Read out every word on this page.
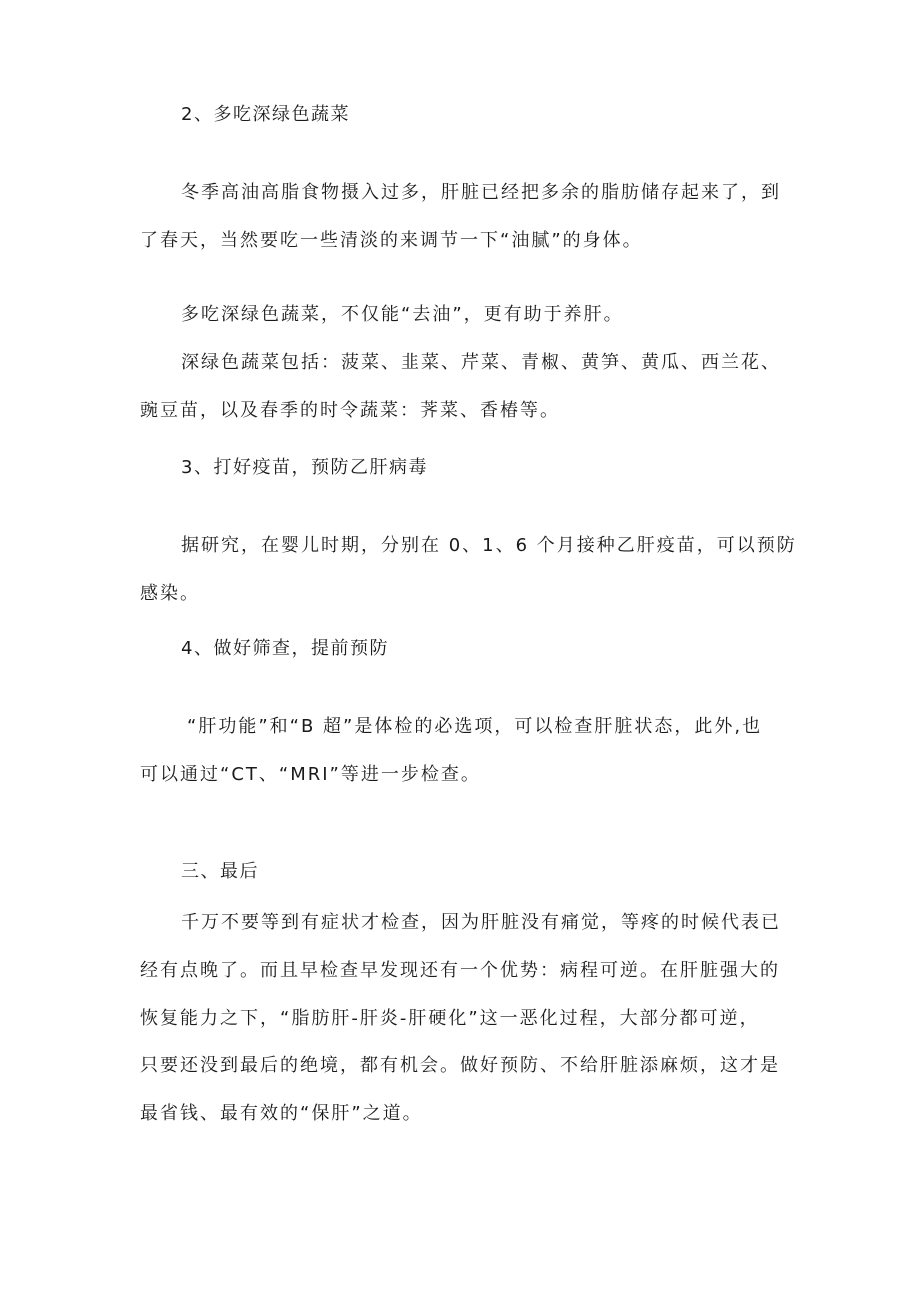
2、多吃深绿色蔬菜
冬季高油高脂食物摄入过多，肝脏已经把多余的脂肪储存起来了，到
了春天，当然要吃一些清淡的来调节一下“油腻”的身体。
多吃深绿色蔬菜，不仅能“去油”，更有助于养肝。
深绿色蔬菜包括：菠菜、韭菜、芹菜、青椒、黄笋、黄瓜、西兰花、
豌豆苗，以及春季的时令蔬菜：荠菜、香椿等。
3、打好疫苗，预防乙肝病毒
据研究，在婴儿时期，分别在 0、1、6 个月接种乙肝疫苗，可以预防
感染。
4、做好筛查，提前预防
“肝功能”和“B 超”是体检的必选项，可以检查肝脏状态，此外,也
可以通过“CT、“MRI”等进一步检查。
三、最后
千万不要等到有症状才检查，因为肝脏没有痛觉，等疼的时候代表已
经有点晚了。而且早检查早发现还有一个优势：病程可逆。在肝脏强大的
恢复能力之下，“脂肪肝-肝炎-肝硬化”这一恶化过程，大部分都可逆，
只要还没到最后的绝境，都有机会。做好预防、不给肝脏添麻烦，这才是
最省钱、最有效的“保肝”之道。
